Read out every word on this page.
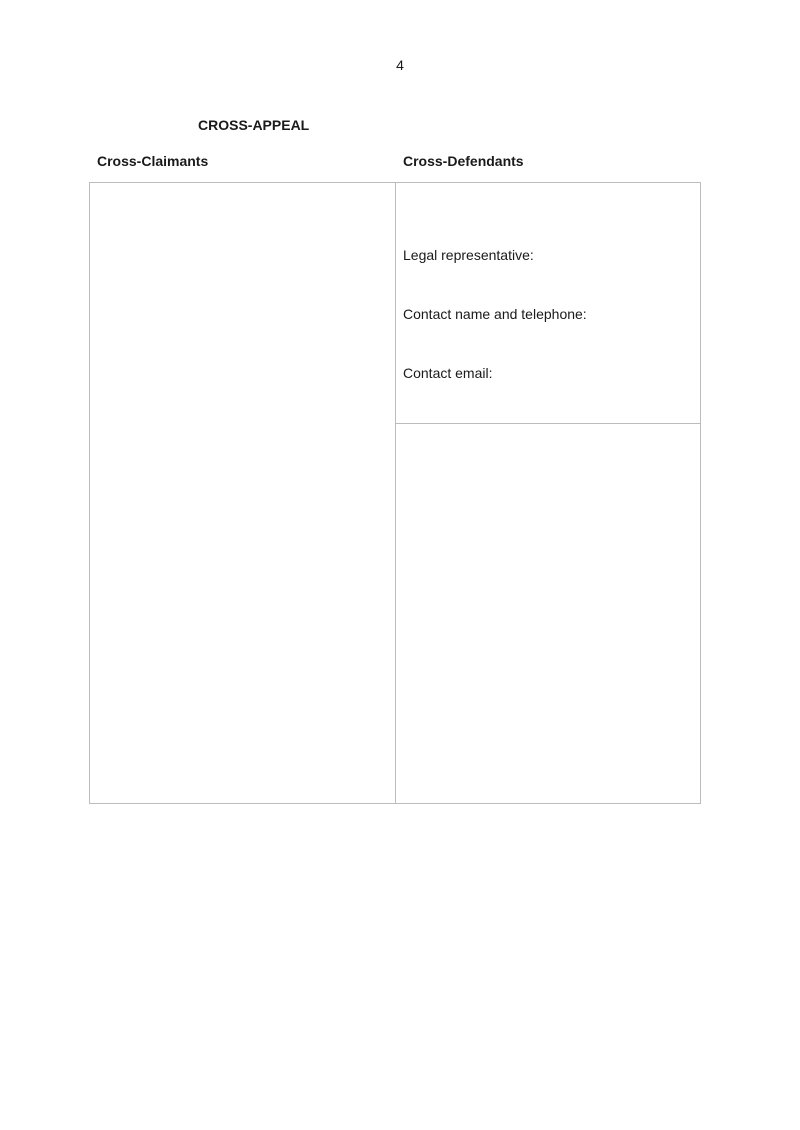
4
CROSS-APPEAL
Cross-Claimants	Cross-Defendants
Legal representative:
Contact name and telephone:
Contact email:
